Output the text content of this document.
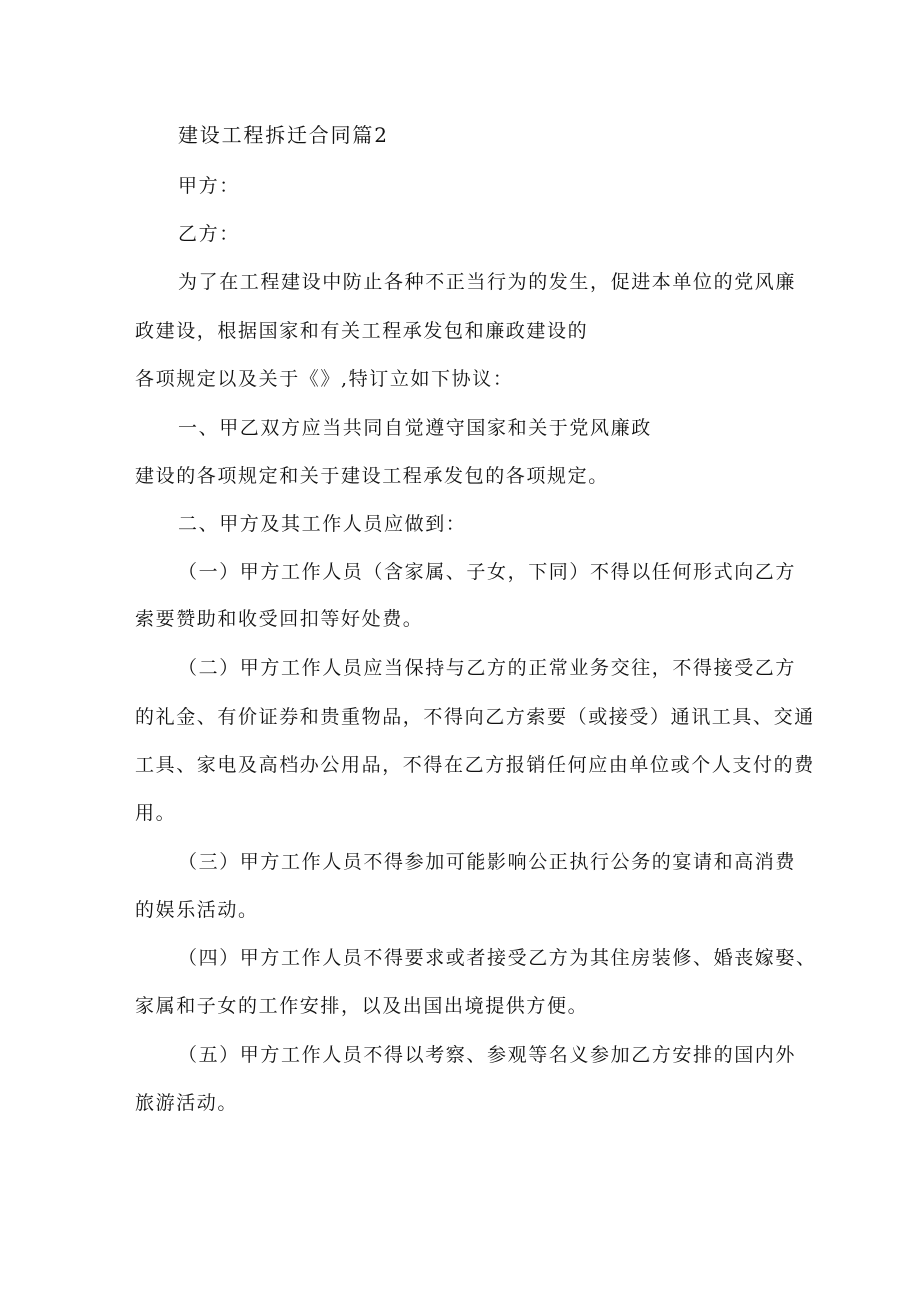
建设工程拆迁合同篇2
甲方：
乙方：
为了在工程建设中防止各种不正当行为的发生，促进本单位的党风廉
政建设，根据国家和有关工程承发包和廉政建设的
各项规定以及关于《》,特订立如下协议：
一、甲乙双方应当共同自觉遵守国家和关于党风廉政
建设的各项规定和关于建设工程承发包的各项规定。
二、甲方及其工作人员应做到：
（一）甲方工作人员（含家属、子女，下同）不得以任何形式向乙方
索要赞助和收受回扣等好处费。
（二）甲方工作人员应当保持与乙方的正常业务交往，不得接受乙方
的礼金、有价证券和贵重物品，不得向乙方索要（或接受）通讯工具、交通
工具、家电及高档办公用品，不得在乙方报销任何应由单位或个人支付的费
用。
（三）甲方工作人员不得参加可能影响公正执行公务的宴请和高消费
的娱乐活动。
（四）甲方工作人员不得要求或者接受乙方为其住房装修、婚丧嫁娶、
家属和子女的工作安排，以及出国出境提供方便。
（五）甲方工作人员不得以考察、参观等名义参加乙方安排的国内外
旅游活动。
